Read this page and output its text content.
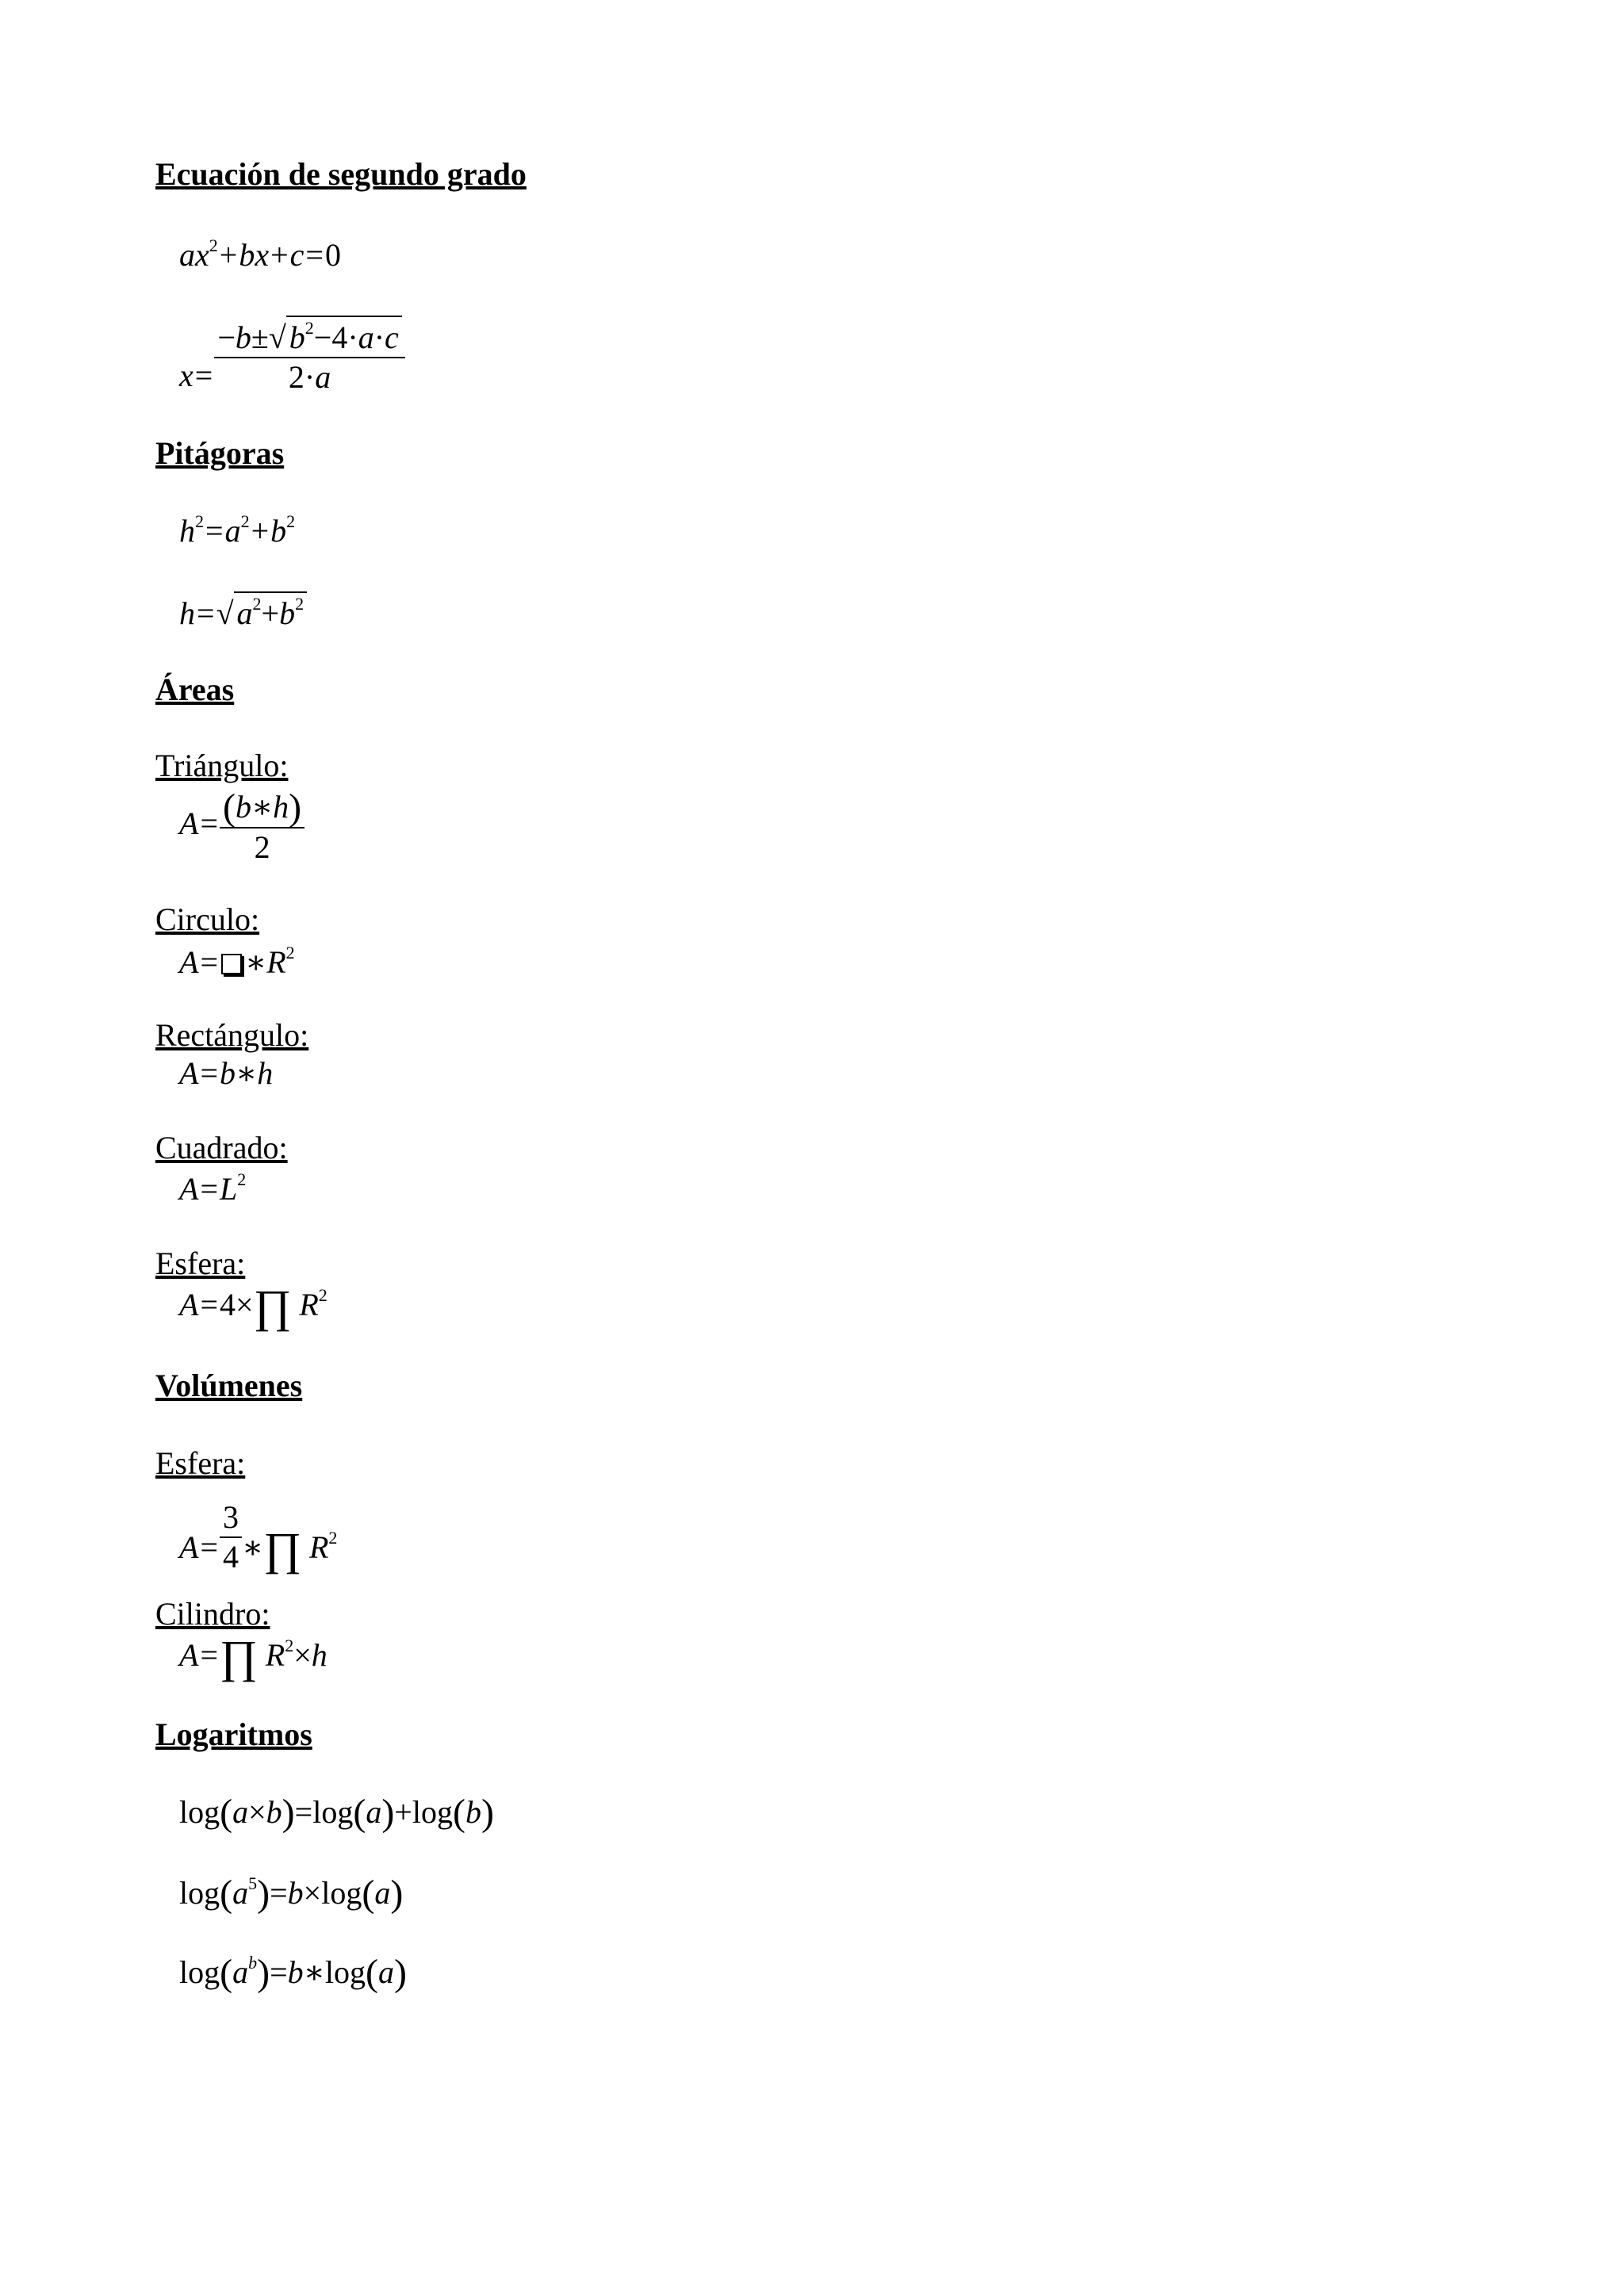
Ecuación de segundo grado
$ax^2+bx+c=0$
$x= \frac{-b\pm√ b^2-4\cdot a\cdot c}{2\cdot a}$
Pitágoras
$h^2=a^2+b^2$
h=√ $a^2+b^2$
Áreas
Triángulo:
$A= \frac{(b∗h)}{2}$
Circulo:
$A= ∗R^2$
Rectángulo:
A=b∗h
Cuadrado:
$A=L^2$
Esfera:
A=4×∏ $R^2$
Volúmenes
Esfera:
$A= \frac{3}{4}$ ∗∏ $R^2$
Cilindro:
A=∏ $R^2\times h$
Logaritmos
log(a×b)=log(a)+log(b)
$\log(a^5)=b\times\log(a)$
$\log(a^b)=b∗\log(a)$
